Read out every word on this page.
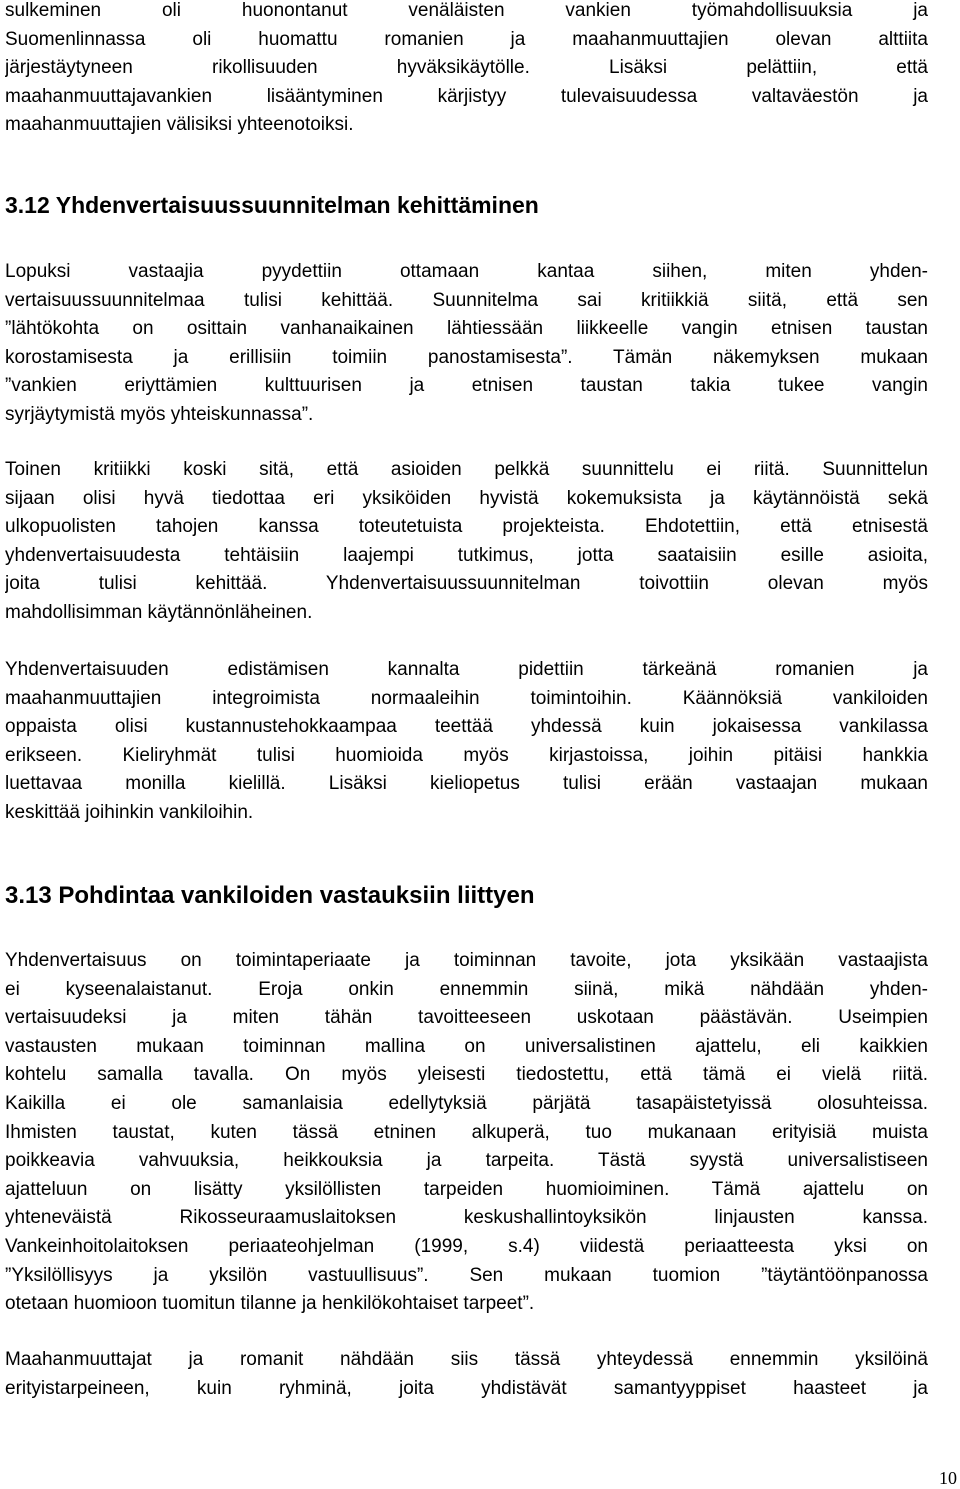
sulkeminen oli huonontanut venäläisten vankien työmahdollisuuksia ja
Suomenlinnassa oli huomattu romanien ja maahanmuuttajien olevan alttiita
järjestäytyneen rikollisuuden hyväksikäytölle. Lisäksi pelättiin, että
maahanmuuttajavankien lisääntyminen kärjistyy tulevaisuudessa valtaväestön ja
maahanmuuttajien välisiksi yhteenotoiksi.
3.12 Yhdenvertaisuussuunnitelman kehittäminen
Lopuksi vastaajia pyydettiin ottamaan kantaa siihen, miten yhden-
vertaisuussuunnitelmaa tulisi kehittää. Suunnitelma sai kritiikkiä siitä, että sen
”lähtökohta on osittain vanhanaikainen lähtiessään liikkeelle vangin etnisen taustan
korostamisesta ja erillisiin toimiin panostamisesta”. Tämän näkemyksen mukaan
”vankien eriyttämien kulttuurisen ja etnisen taustan takia tukee vangin
syrjäytymistä myös yhteiskunnassa”.
Toinen kritiikki koski sitä, että asioiden pelkkä suunnittelu ei riitä. Suunnittelun
sijaan olisi hyvä tiedottaa eri yksiköiden hyvistä kokemuksista ja käytännöistä sekä
ulkopuolisten tahojen kanssa toteutetuista projekteista. Ehdotettiin, että etnisestä
yhdenvertaisuudesta tehtäisiin laajempi tutkimus, jotta saataisiin esille asioita,
joita tulisi kehittää. Yhdenvertaisuussuunnitelman toivottiin olevan myös
mahdollisimman käytännönläheinen.
Yhdenvertaisuuden edistämisen kannalta pidettiin tärkeänä romanien ja
maahanmuuttajien integroimista normaaleihin toimintoihin. Käännöksiä vankiloiden
oppaista olisi kustannustehokkaampaa teettää yhdessä kuin jokaisessa vankilassa
erikseen. Kieliryhmät tulisi huomioida myös kirjastoissa, joihin pitäisi hankkia
luettavaa monilla kielillä. Lisäksi kieliopetus tulisi erään vastaajan mukaan
keskittää joihinkin vankiloihin.
3.13 Pohdintaa vankiloiden vastauksiin liittyen
Yhdenvertaisuus on toimintaperiaate ja toiminnan tavoite, jota yksikään vastaajista
ei kyseenalaistanut. Eroja onkin ennemmin siinä, mikä nähdään yhden-
vertaisuudeksi ja miten tähän tavoitteeseen uskotaan päästävän. Useimpien
vastausten mukaan toiminnan mallina on universalistinen ajattelu, eli kaikkien
kohtelu samalla tavalla. On myös yleisesti tiedostettu, että tämä ei vielä riitä.
Kaikilla ei ole samanlaisia edellytyksiä pärjätä tasapäistetyissä olosuhteissa.
Ihmisten taustat, kuten tässä etninen alkuperä, tuo mukanaan erityisiä muista
poikkeavia vahvuuksia, heikkouksia ja tarpeita. Tästä syystä universalistiseen
ajatteluun on lisätty yksilöllisten tarpeiden huomioiminen. Tämä ajattelu on
yhteneväistä Rikosseuraamuslaitoksen keskushallintoyksikön linjausten kanssa.
Vankeinhoitolaitoksen periaateohjelman (1999, s.4) viidestä periaatteesta yksi on
”Yksilöllisyys ja yksilön vastuullisuus”. Sen mukaan tuomion ”täytäntöönpanossa
otetaan huomioon tuomitun tilanne ja henkilökohtaiset tarpeet”.
Maahanmuuttajat ja romanit nähdään siis tässä yhteydessä ennemmin yksilöinä
erityistarpeineen, kuin ryhminä, joita yhdistävät samantyyppiset haasteet ja
10
